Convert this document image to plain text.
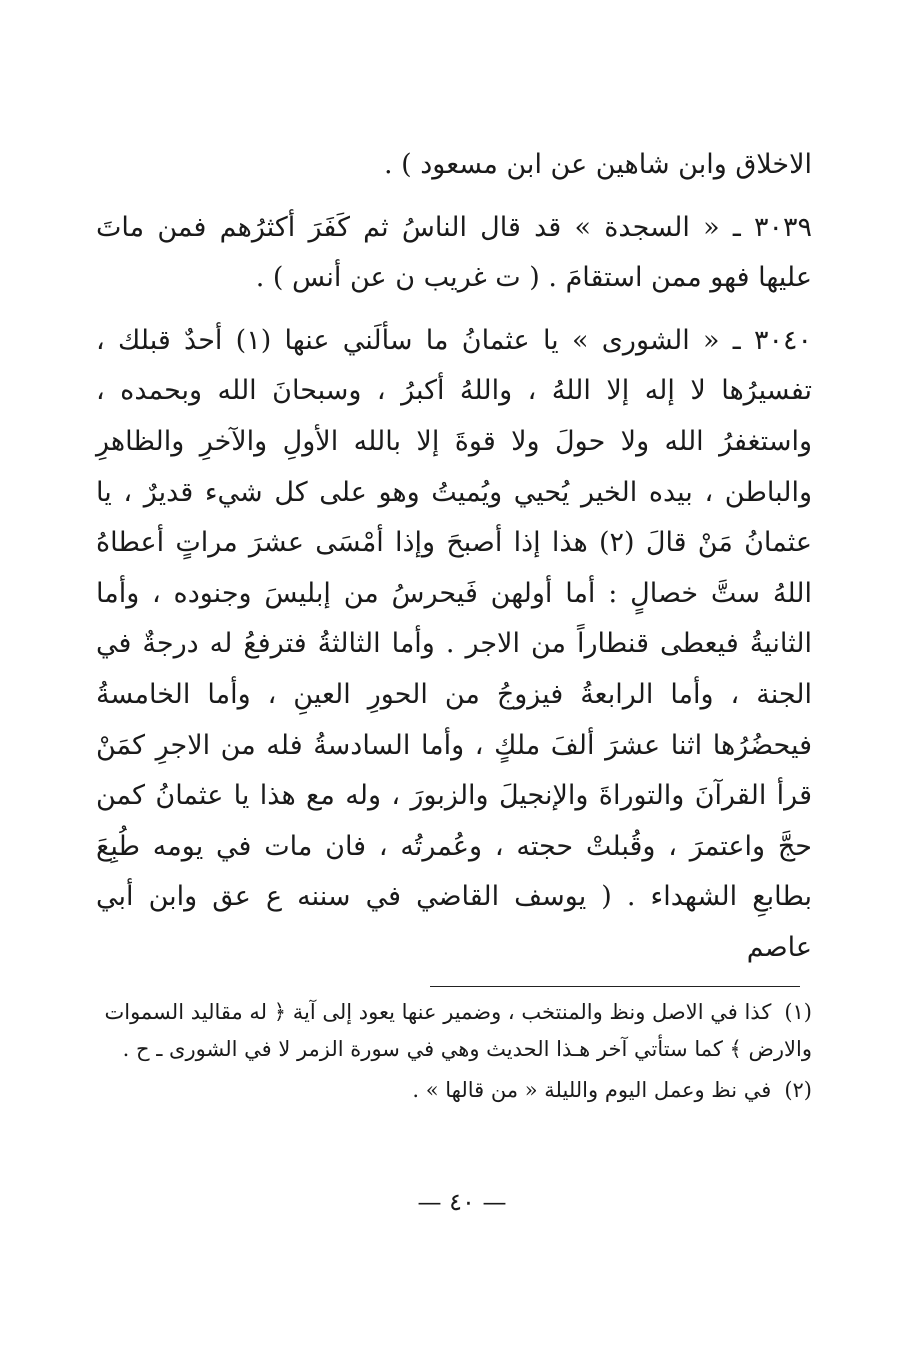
الاخلاق وابن شاهين عن ابن مسعود ) .

٣٠٣٩ ـ « السجدة » قد قال الناسُ ثم كَفَرَ أكثرُهم فمن ماتَ عليها فهو ممن استقامَ . ( ت غريب ن عن أنس ) .

٣٠٤٠ ـ « الشورى » يا عثمانُ ما سألَني عنها (١) أحدٌ قبلك ، تفسيرُها لا إله إلا اللهُ ، واللهُ أكبرُ ، وسبحانَ الله وبحمده ، واستغفرُ الله ولا حولَ ولا قوةَ إلا بالله الأولِ والآخرِ والظاهرِ والباطن ، بيده الخير يُحيي ويُميتُ وهو على كل شيء قديرٌ ، يا عثمانُ مَنْ قالَ (٢) هذا إذا أصبحَ وإذا أمْسَى عشرَ مراتٍ أعطاهُ اللهُ ستَّ خصالٍ : أما أولهن فَيحرسُ من إبليسَ وجنوده ، وأما الثانيةُ فيعطى قنطاراً من الاجر . وأما الثالثةُ فترفعُ له درجةٌ في الجنة ، وأما الرابعةُ فيزوجُ من الحورِ العينِ ، وأما الخامسةُ فيحضُرُها اثنا عشرَ ألفَ ملكٍ ، وأما السادسةُ فله من الاجرِ كمَنْ قرأ القرآنَ والتوراةَ والإنجيلَ والزبورَ ، وله مع هذا يا عثمانُ كمن حجَّ واعتمرَ ، وقُبلتْ حجته ، وعُمرتُه ، فان مات في يومه طُبِعَ بطابعِ الشهداء . ( يوسف القاضي في سننه ع عق وابن أبي عاصم

(١) كذا في الاصل ونظ والمنتخب ، وضمير عنها يعود إلى آية ﴿ له مقاليد السموات والارض ﴾ كما ستأتي آخر هـذا الحديث وهي في سورة الزمر لا في الشورى ـ ح .
(٢) في نظ وعمل اليوم والليلة « من قالها » .
— ٤٠ —
